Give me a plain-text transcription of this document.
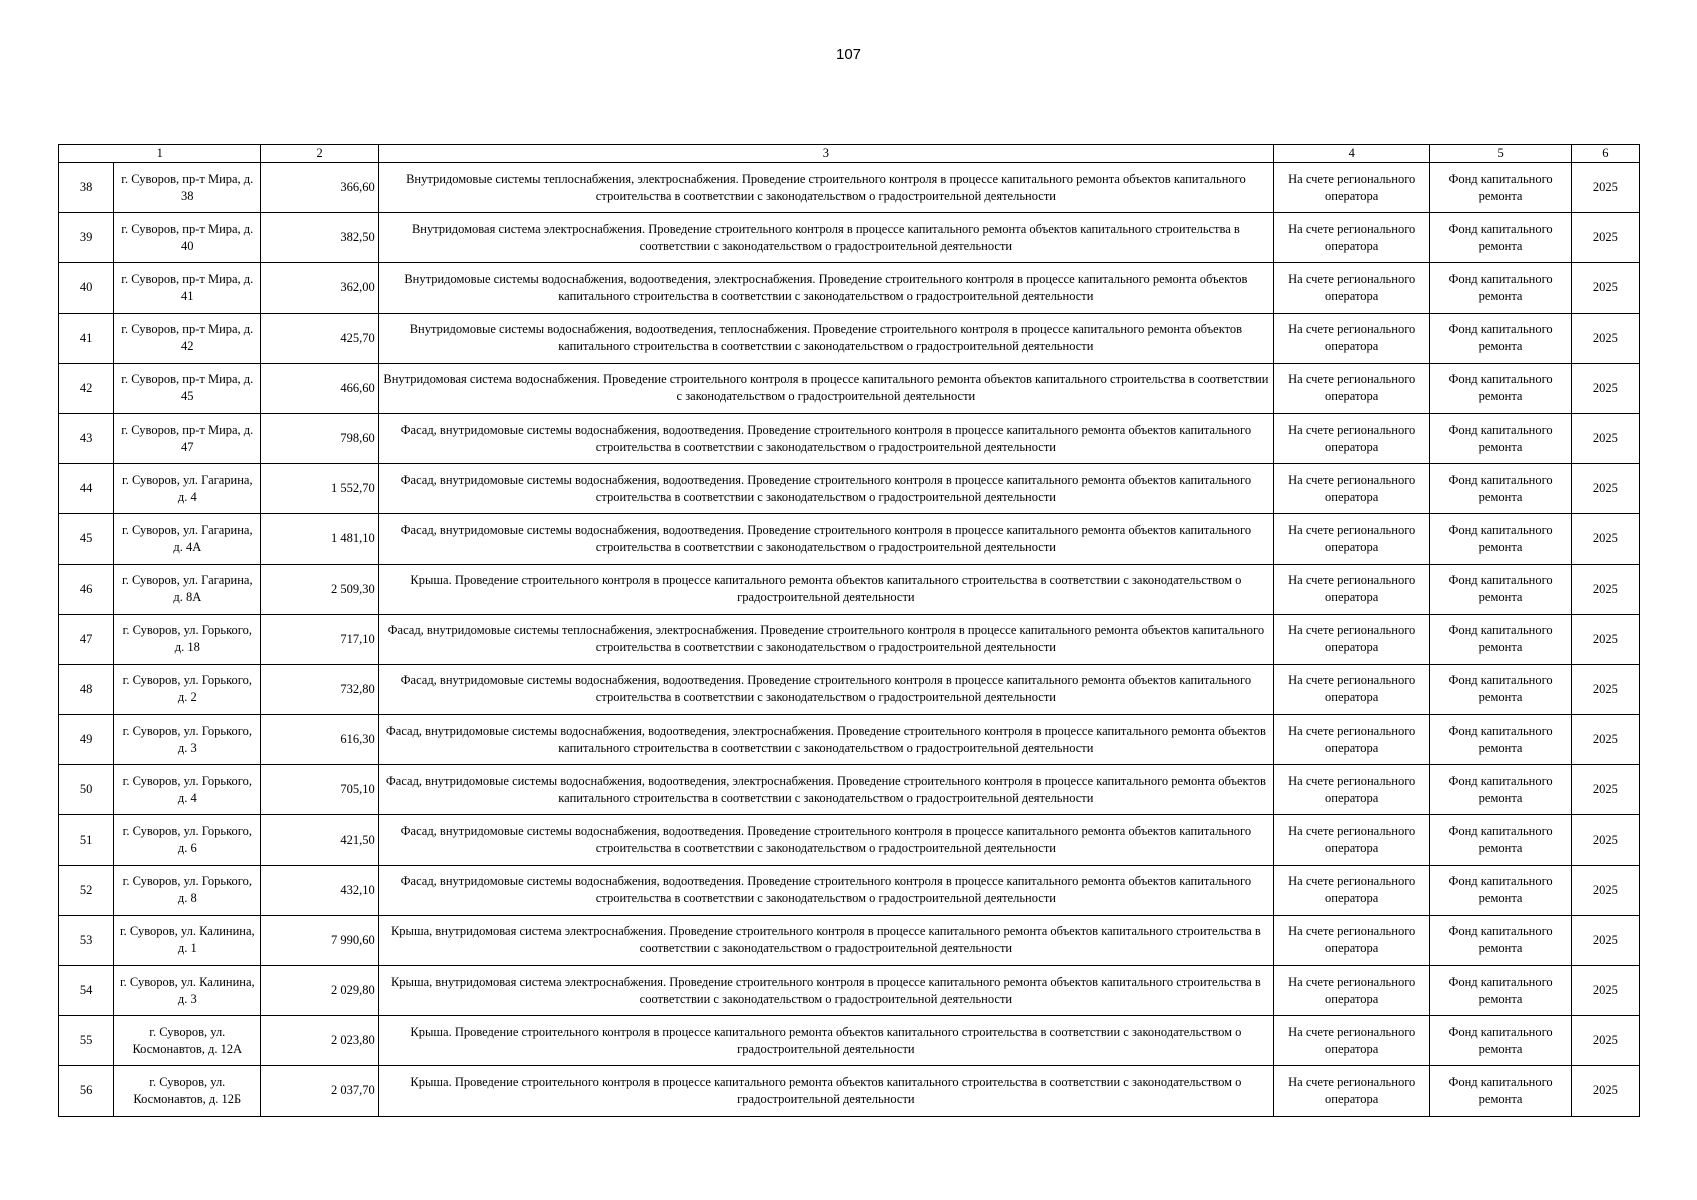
107
1		2	3	4	5	6
38	г. Суворов, пр-т Мира, д. 38	366,60	Внутридомовые системы теплоснабжения, электроснабжения. Проведение строительного контроля в процессе капитального ремонта объектов капитального строительства в соответствии с законодательством о градостроительной деятельности	На счете регионального оператора	Фонд капитального ремонта	2025
39	г. Суворов, пр-т Мира, д. 40	382,50	Внутридомовая система электроснабжения. Проведение строительного контроля в процессе капитального ремонта объектов капитального строительства в соответствии с законодательством о градостроительной деятельности	На счете регионального оператора	Фонд капитального ремонта	2025
40	г. Суворов, пр-т Мира, д. 41	362,00	Внутридомовые системы водоснабжения, водоотведения, электроснабжения. Проведение строительного контроля в процессе капитального ремонта объектов капитального строительства в соответствии с законодательством о градостроительной деятельности	На счете регионального оператора	Фонд капитального ремонта	2025
41	г. Суворов, пр-т Мира, д. 42	425,70	Внутридомовые системы водоснабжения, водоотведения, теплоснабжения. Проведение строительного контроля в процессе капитального ремонта объектов капитального строительства в соответствии с законодательством о градостроительной деятельности	На счете регионального оператора	Фонд капитального ремонта	2025
42	г. Суворов, пр-т Мира, д. 45	466,60	Внутридомовая система водоснабжения. Проведение строительного контроля в процессе капитального ремонта объектов капитального строительства в соответствии с законодательством о градостроительной деятельности	На счете регионального оператора	Фонд капитального ремонта	2025
43	г. Суворов, пр-т Мира, д. 47	798,60	Фасад, внутридомовые системы водоснабжения, водоотведения. Проведение строительного контроля в процессе капитального ремонта объектов капитального строительства в соответствии с законодательством о градостроительной деятельности	На счете регионального оператора	Фонд капитального ремонта	2025
44	г. Суворов, ул. Гагарина, д. 4	1 552,70	Фасад, внутридомовые системы водоснабжения, водоотведения. Проведение строительного контроля в процессе капитального ремонта объектов капитального строительства в соответствии с законодательством о градостроительной деятельности	На счете регионального оператора	Фонд капитального ремонта	2025
45	г. Суворов, ул. Гагарина, д. 4А	1 481,10	Фасад, внутридомовые системы водоснабжения, водоотведения. Проведение строительного контроля в процессе капитального ремонта объектов капитального строительства в соответствии с законодательством о градостроительной деятельности	На счете регионального оператора	Фонд капитального ремонта	2025
46	г. Суворов, ул. Гагарина, д. 8А	2 509,30	Крыша. Проведение строительного контроля в процессе капитального ремонта объектов капитального строительства в соответствии с законодательством о градостроительной деятельности	На счете регионального оператора	Фонд капитального ремонта	2025
47	г. Суворов, ул. Горького, д. 18	717,10	Фасад, внутридомовые системы теплоснабжения, электроснабжения. Проведение строительного контроля в процессе капитального ремонта объектов капитального строительства в соответствии с законодательством о градостроительной деятельности	На счете регионального оператора	Фонд капитального ремонта	2025
48	г. Суворов, ул. Горького, д. 2	732,80	Фасад, внутридомовые системы водоснабжения, водоотведения. Проведение строительного контроля в процессе капитального ремонта объектов капитального строительства в соответствии с законодательством о градостроительной деятельности	На счете регионального оператора	Фонд капитального ремонта	2025
49	г. Суворов, ул. Горького, д. 3	616,30	Фасад, внутридомовые системы водоснабжения, водоотведения, электроснабжения. Проведение строительного контроля в процессе капитального ремонта объектов капитального строительства в соответствии с законодательством о градостроительной деятельности	На счете регионального оператора	Фонд капитального ремонта	2025
50	г. Суворов, ул. Горького, д. 4	705,10	Фасад, внутридомовые системы водоснабжения, водоотведения, электроснабжения. Проведение строительного контроля в процессе капитального ремонта объектов капитального строительства в соответствии с законодательством о градостроительной деятельности	На счете регионального оператора	Фонд капитального ремонта	2025
51	г. Суворов, ул. Горького, д. 6	421,50	Фасад, внутридомовые системы водоснабжения, водоотведения. Проведение строительного контроля в процессе капитального ремонта объектов капитального строительства в соответствии с законодательством о градостроительной деятельности	На счете регионального оператора	Фонд капитального ремонта	2025
52	г. Суворов, ул. Горького, д. 8	432,10	Фасад, внутридомовые системы водоснабжения, водоотведения. Проведение строительного контроля в процессе капитального ремонта объектов капитального строительства в соответствии с законодательством о градостроительной деятельности	На счете регионального оператора	Фонд капитального ремонта	2025
53	г. Суворов, ул. Калинина, д. 1	7 990,60	Крыша, внутридомовая система электроснабжения. Проведение строительного контроля в процессе капитального ремонта объектов капитального строительства в соответствии с законодательством о градостроительной деятельности	На счете регионального оператора	Фонд капитального ремонта	2025
54	г. Суворов, ул. Калинина, д. 3	2 029,80	Крыша, внутридомовая система электроснабжения. Проведение строительного контроля в процессе капитального ремонта объектов капитального строительства в соответствии с законодательством о градостроительной деятельности	На счете регионального оператора	Фонд капитального ремонта	2025
55	г. Суворов, ул. Космонавтов, д. 12А	2 023,80	Крыша. Проведение строительного контроля в процессе капитального ремонта объектов капитального строительства в соответствии с законодательством о градостроительной деятельности	На счете регионального оператора	Фонд капитального ремонта	2025
56	г. Суворов, ул. Космонавтов, д. 12Б	2 037,70	Крыша. Проведение строительного контроля в процессе капитального ремонта объектов капитального строительства в соответствии с законодательством о градостроительной деятельности	На счете регионального оператора	Фонд капитального ремонта	2025
